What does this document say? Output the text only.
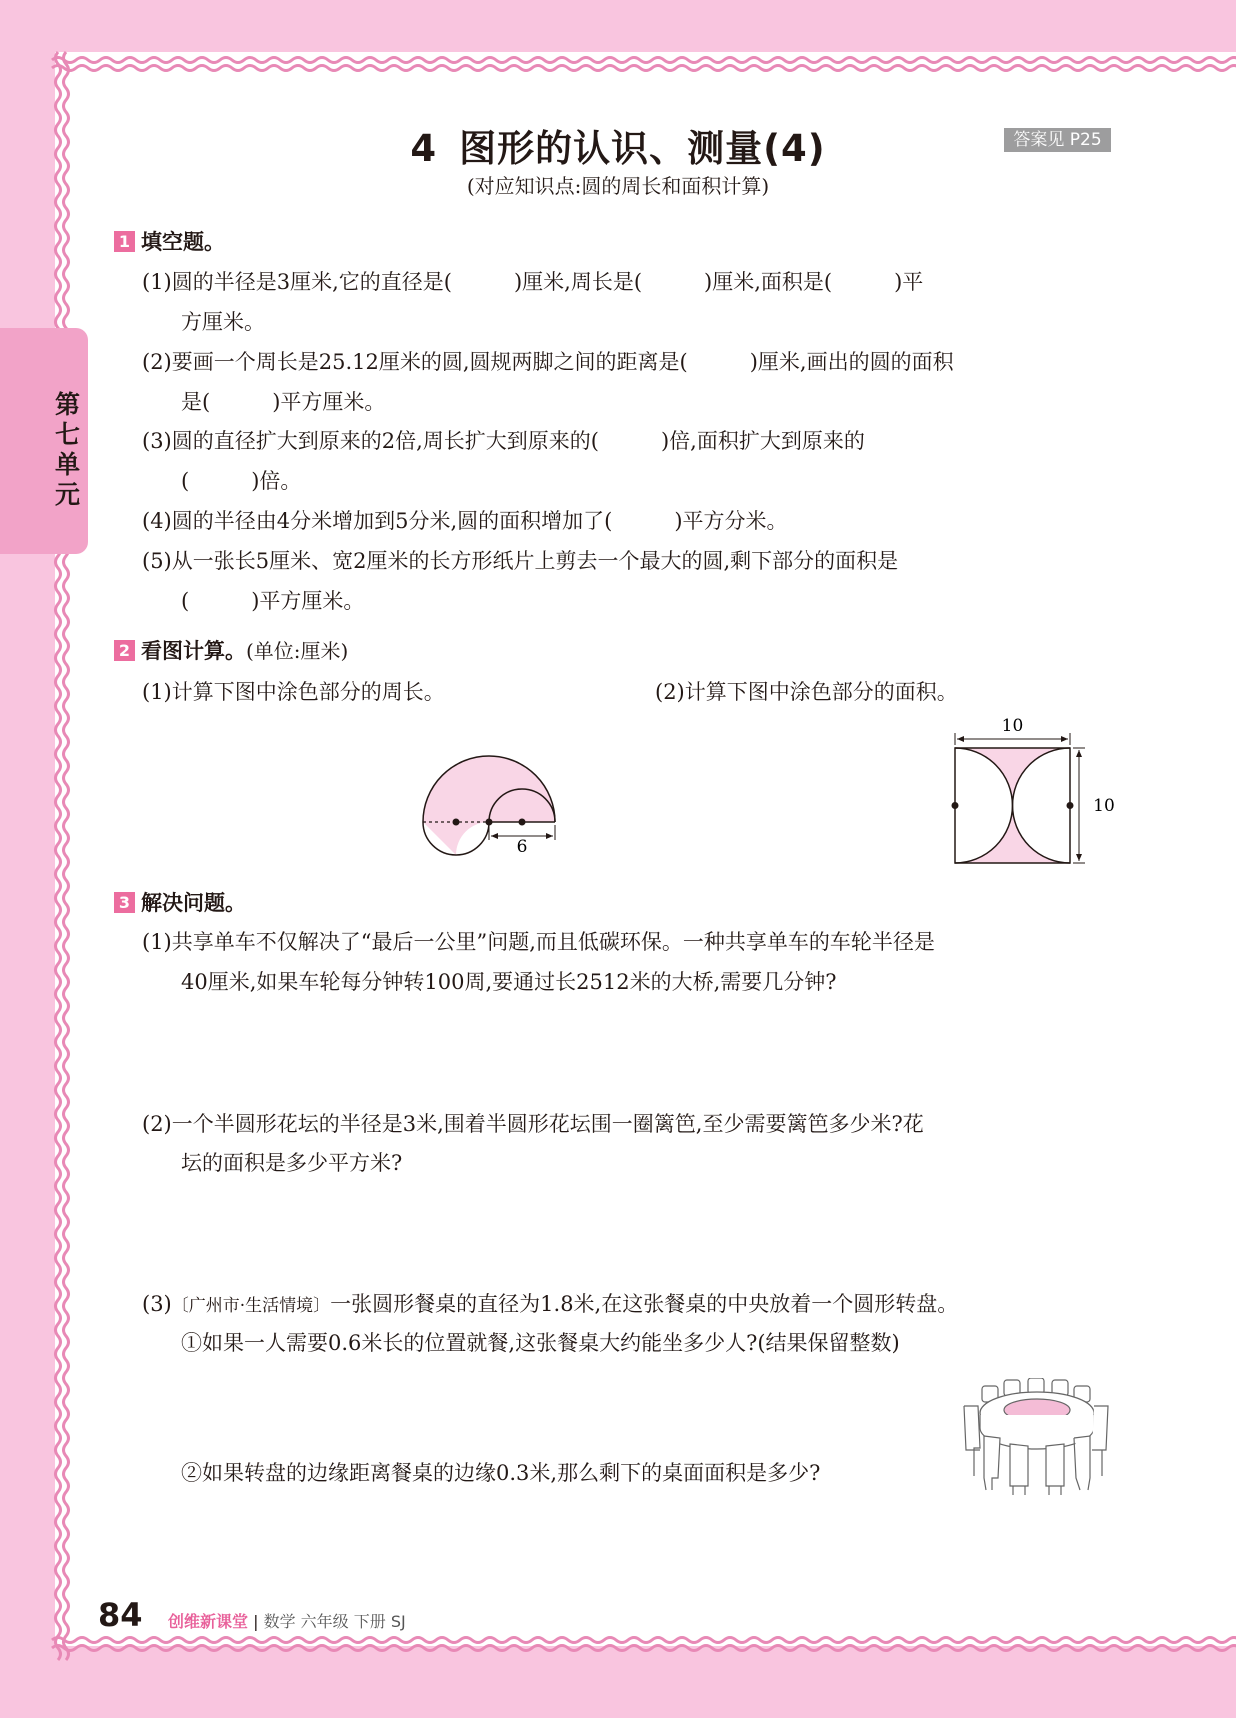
第七单元
4 图形的认识、测量(4)	答案见 P25
(对应知识点:圆的周长和面积计算)
1 填空题。
(1)圆的半径是3厘米,它的直径是(	)厘米,周长是(	)厘米,面积是(	)平
方厘米。
(2)要画一个周长是25.12厘米的圆,圆规两脚之间的距离是(	)厘米,画出的圆的面积
是(	)平方厘米。
(3)圆的直径扩大到原来的2倍,周长扩大到原来的(	)倍,面积扩大到原来的
(	)倍。
(4)圆的半径由4分米增加到5分米,圆的面积增加了(	)平方分米。
(5)从一张长5厘米、宽2厘米的长方形纸片上剪去一个最大的圆,剩下部分的面积是
(	)平方厘米。
2 看图计算。(单位:厘米)
(1)计算下图中涂色部分的周长。	(2)计算下图中涂色部分的面积。
6
10
10
3 解决问题。
(1)共享单车不仅解决了“最后一公里”问题,而且低碳环保。一种共享单车的车轮半径是
40厘米,如果车轮每分钟转100周,要通过长2512米的大桥,需要几分钟?
(2)一个半圆形花坛的半径是3米,围着半圆形花坛围一圈篱笆,至少需要篱笆多少米?花
坛的面积是多少平方米?
(3)〔广州市·生活情境〕一张圆形餐桌的直径为1.8米,在这张餐桌的中央放着一个圆形转盘。
①如果一人需要0.6米长的位置就餐,这张餐桌大约能坐多少人?(结果保留整数)
②如果转盘的边缘距离餐桌的边缘0.3米,那么剩下的桌面面积是多少?
84 创维新课堂 | 数学 六年级 下册 SJ
